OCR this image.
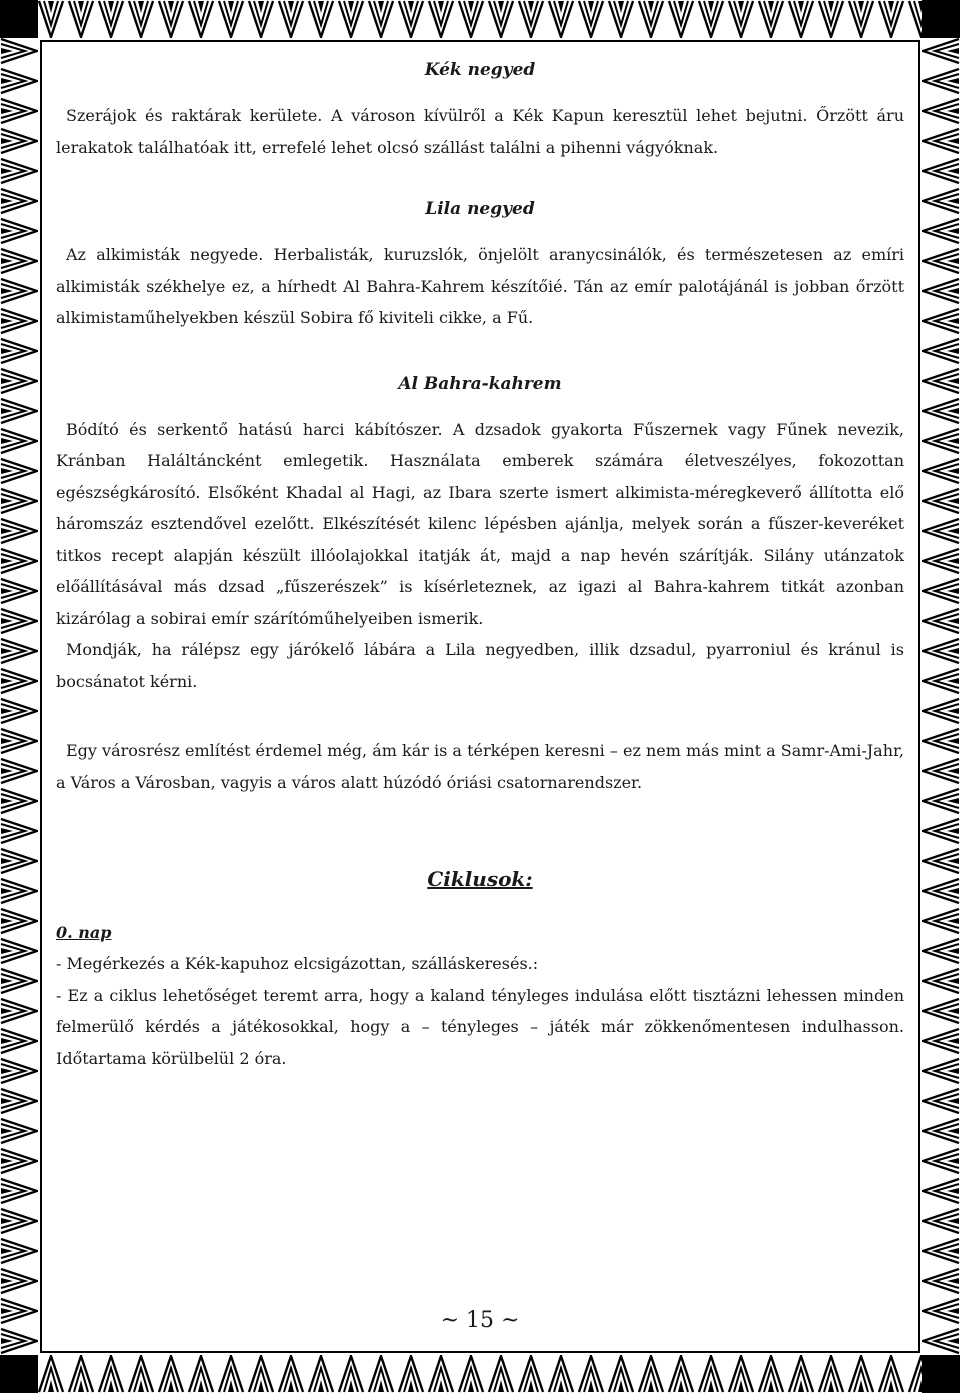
Kék negyed

Szerájok és raktárak kerülete. A városon kívülről a Kék Kapun keresztül lehet bejutni. Őrzött áru lerakatok találhatóak itt, errefelé lehet olcsó szállást találni a pihenni vágyóknak.

Lila negyed

Az alkimisták negyede. Herbalisták, kuruzslók, önjelölt aranycsinálók, és természetesen az emíri alkimisták székhelye ez, a hírhedt Al Bahra-Kahrem készítőié. Tán az emír palotájánál is jobban őrzött alkimistaműhelyekben készül Sobira fő kiviteli cikke, a Fű.

Al Bahra-kahrem

Bódító és serkentő hatású harci kábítószer. A dzsadok gyakorta Fűszernek vagy Fűnek nevezik, Kránban Haláltáncként emlegetik. Használata emberek számára életveszélyes, fokozottan egészségkárosító. Elsőként Khadal al Hagi, az Ibara szerte ismert alkimista-méregkeverő állította elő háromszáz esztendővel ezelőtt. Elkészítését kilenc lépésben ajánlja, melyek során a fűszer-keveréket titkos recept alapján készült illóolajokkal itatják át, majd a nap hevén szárítják. Silány utánzatok előállításával más dzsad „fűszerészek” is kísérleteznek, az igazi al Bahra-kahrem titkát azonban kizárólag a sobirai emír szárítóműhelyeiben ismerik.

Mondják, ha rálépsz egy járókelő lábára a Lila negyedben, illik dzsadul, pyarroniul és kránul is bocsánatot kérni.

Egy városrész említést érdemel még, ám kár is a térképen keresni – ez nem más mint a Samr-Ami-Jahr, a Város a Városban, vagyis a város alatt húzódó óriási csatornarendszer.

Ciklusok:
0. nap

- Megérkezés a Kék-kapuhoz elcsigázottan, szálláskeresés.:

- Ez a ciklus lehetőséget teremt arra, hogy a kaland tényleges indulása előtt tisztázni lehessen minden felmerülő kérdés a játékosokkal, hogy a – tényleges – játék már zökkenőmentesen indulhasson. Időtartama körülbelül 2 óra.

~ 15 ~
